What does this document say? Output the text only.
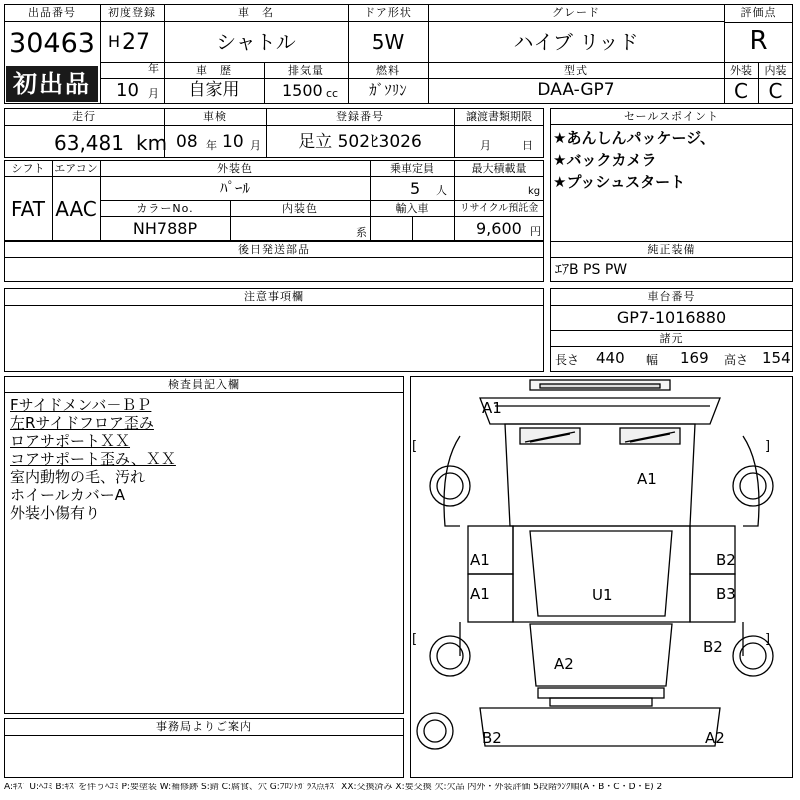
出品番号
30463
初出品
初度登録
H 27
年
10 月
車　名
シャトル
ドア形状
5W
グレード
ハイブ リッド
評価点
R
車　歴
自家用
排気量
1500 cc
燃料
ｶﾞｿﾘﾝ
型式
DAA-GP7
外装	内装
C	C
走行
63,481 km
車検
08 年 10 月
登録番号
足立 502ﾋ3026
譲渡書類期限
月	日
セールスポイント
★あんしんパッケージ、
★バックカメラ
★プッシュスタート
シフト
FAT
エアコン
AAC
外装色
ﾊﾟｰﾙ
乗車定員
5 人
最大積載量
kg
カラーNo.
NH788P
内装色
系
輸入車	リサイクル預託金
9,600 円
後日発送部品	純正装備
ｴｱB PS PW
注意事項欄	車台番号
GP7-1016880
諸元
長さ 440 幅 169 高さ 154
検査員記入欄
Fサイドメンバ－ＢＰ
左Rサイドフロア歪み
ロアサポートＸＸ
コアサポート歪み、ＸＸ
室内動物の毛、汚れ
ホイールカバーA
外装小傷有り
事務局よりご案内
A1
A1
A1
A1
B2
B3
U1
B2
A2
B2	A2
[	]
[	]
A:ｷｽﾞ U:ﾍｺﾐ B:ｷｽﾞを伴うﾍｺﾐ P:要塗装 W:補修跡 S:錆 C:腐食、穴 G:ﾌﾛﾝﾄｶﾞﾗｽ点ｷｽﾞ XX:交換済み X:要交換 欠:欠品 内外・外装評価 5段階ﾗﾝｸ順(A・B・C・D・E) 2
